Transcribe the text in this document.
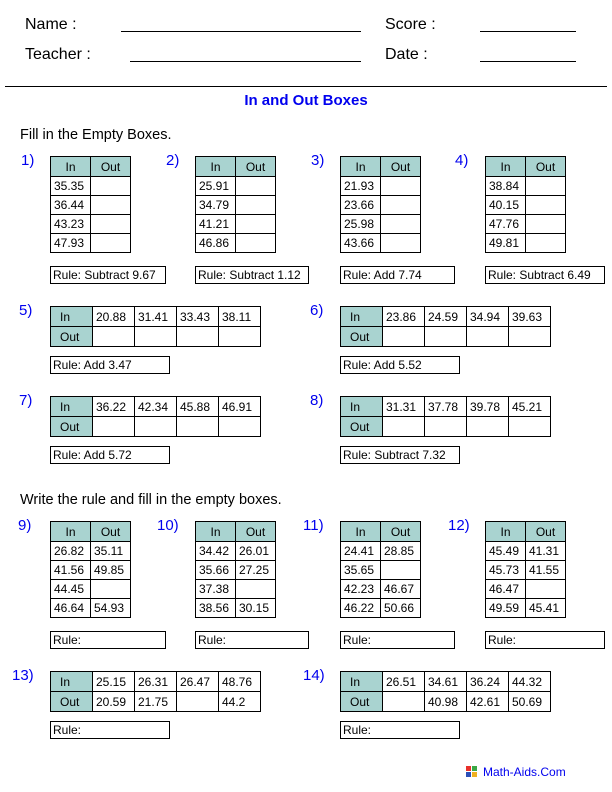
Name :
Teacher :
Score :
Date :
In and Out Boxes
Fill in the Empty Boxes.
Write the rule and fill in the empty boxes.
1)	In	Out
35.35	
36.44	
43.23	
47.93	
Rule: Subtract 9.67
2)	In	Out
25.91	
34.79	
41.21	
46.86	
Rule: Subtract 1.12
3)	In	Out
21.93	
23.66	
25.98	
43.66	
Rule: Add 7.74
4)	In	Out
38.84	
40.15	
47.76	
49.81	
Rule: Subtract 6.49
5) In	20.88	31.41	33.43	38.11
Out				
Rule: Add 3.47
6) In	23.86	24.59	34.94	39.63
Out				
Rule: Add 5.52
7) In	36.22	42.34	45.88	46.91
Out				
Rule: Add 5.72
8) In	31.31	37.78	39.78	45.21
Out				
Rule: Subtract 7.32
9)	In	Out
26.82	35.11
41.56	49.85
44.45	
46.64	54.93
Rule:
10)	In	Out
34.42	26.01
35.66	27.25
37.38	
38.56	30.15
Rule:
11)	In	Out
24.41	28.85
35.65	
42.23	46.67
46.22	50.66
Rule:
12)	In	Out
45.49	41.31
45.73	41.55
46.47	
49.59	45.41
Rule:
13) In	25.15	26.31	26.47	48.76
Out	20.59	21.75		44.2
Rule:
14) In	26.51	34.61	36.24	44.32
Out		40.98	42.61	50.69
Rule:
Math-Aids.Com
